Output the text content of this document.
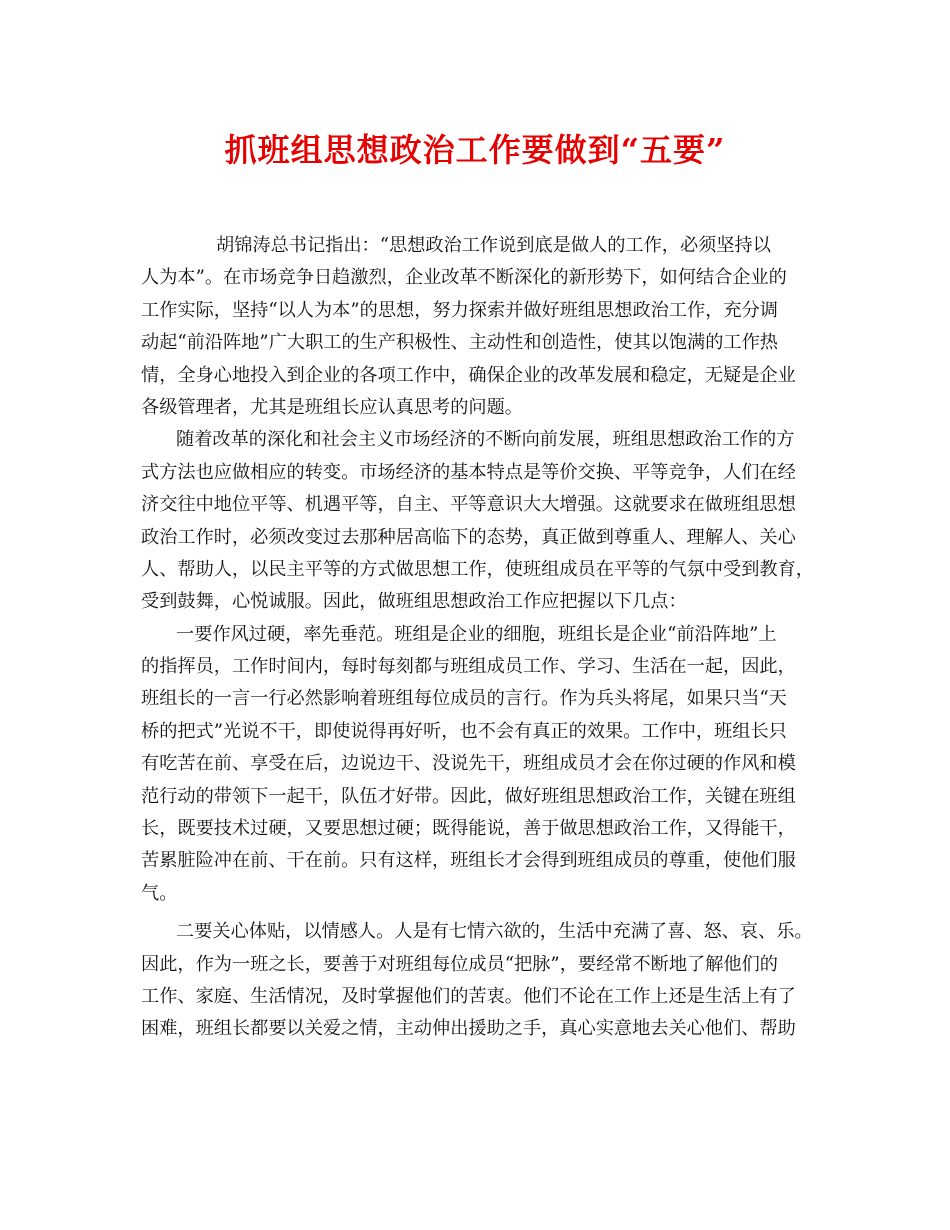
抓班组思想政治工作要做到“五要”
胡锦涛总书记指出：“思想政治工作说到底是做人的工作，必须坚持以
人为本”。在市场竞争日趋激烈，企业改革不断深化的新形势下，如何结合企业的
工作实际，坚持“以人为本”的思想，努力探索并做好班组思想政治工作，充分调
动起“前沿阵地”广大职工的生产积极性、主动性和创造性，使其以饱满的工作热
情，全身心地投入到企业的各项工作中，确保企业的改革发展和稳定，无疑是企业
各级管理者，尤其是班组长应认真思考的问题。
随着改革的深化和社会主义市场经济的不断向前发展，班组思想政治工作的方
式方法也应做相应的转变。市场经济的基本特点是等价交换、平等竞争，人们在经
济交往中地位平等、机遇平等，自主、平等意识大大增强。这就要求在做班组思想
政治工作时，必须改变过去那种居高临下的态势，真正做到尊重人、理解人、关心
人、帮助人，以民主平等的方式做思想工作，使班组成员在平等的气氛中受到教育，
受到鼓舞，心悦诚服。因此，做班组思想政治工作应把握以下几点：
一要作风过硬，率先垂范。班组是企业的细胞，班组长是企业“前沿阵地”上
的指挥员，工作时间内，每时每刻都与班组成员工作、学习、生活在一起，因此，
班组长的一言一行必然影响着班组每位成员的言行。作为兵头将尾，如果只当“天
桥的把式”光说不干，即使说得再好听，也不会有真正的效果。工作中，班组长只
有吃苦在前、享受在后，边说边干、没说先干，班组成员才会在你过硬的作风和模
范行动的带领下一起干，队伍才好带。因此，做好班组思想政治工作，关键在班组
长，既要技术过硬，又要思想过硬；既得能说，善于做思想政治工作，又得能干，
苦累脏险冲在前、干在前。只有这样，班组长才会得到班组成员的尊重，使他们服
气。
二要关心体贴，以情感人。人是有七情六欲的，生活中充满了喜、怒、哀、乐。
因此，作为一班之长，要善于对班组每位成员“把脉”，要经常不断地了解他们的
工作、家庭、生活情况，及时掌握他们的苦衷。他们不论在工作上还是生活上有了
困难，班组长都要以关爱之情，主动伸出援助之手，真心实意地去关心他们、帮助
